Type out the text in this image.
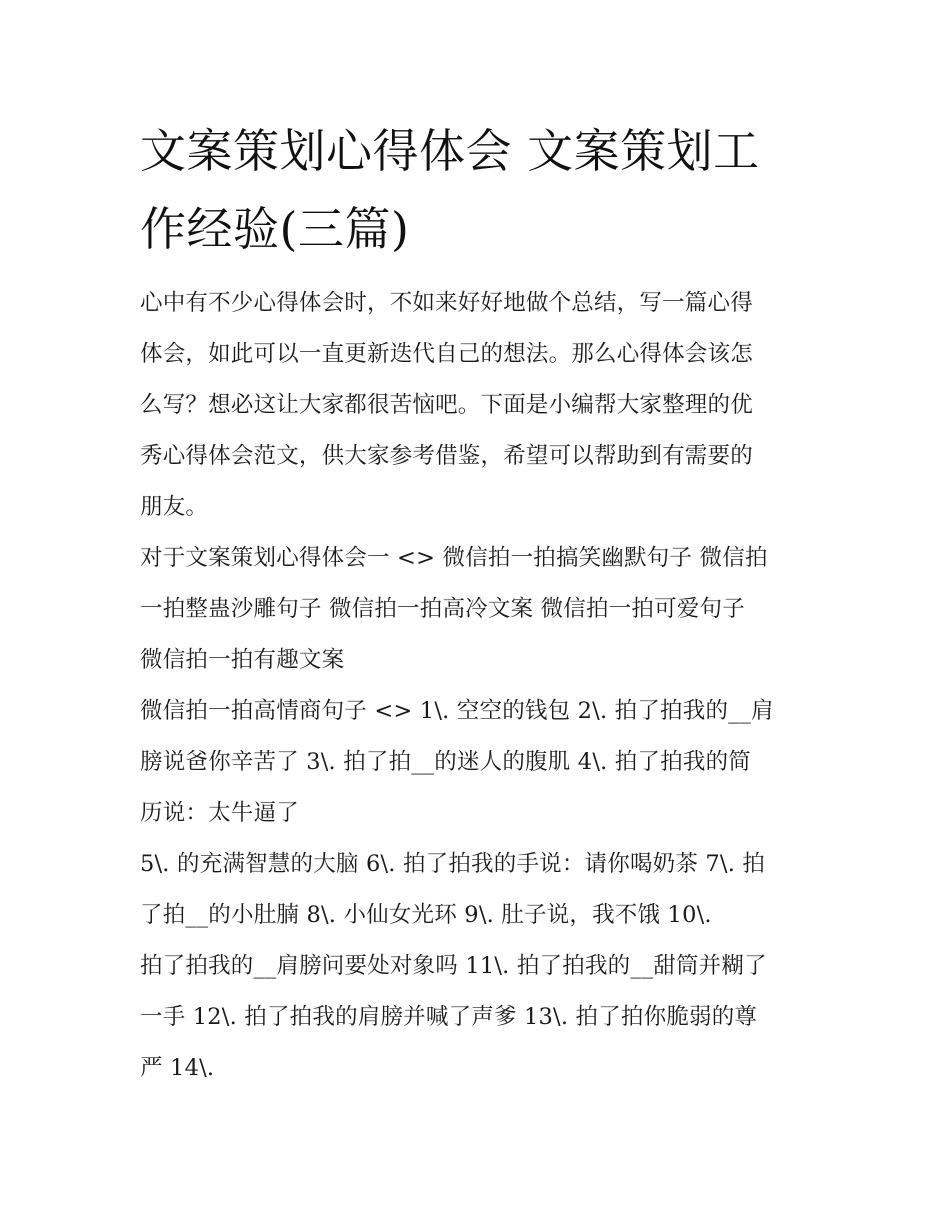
文案策划心得体会 文案策划工
作经验(三篇)

心中有不少心得体会时，不如来好好地做个总结，写一篇心得
体会，如此可以一直更新迭代自己的想法。那么心得体会该怎
么写？想必这让大家都很苦恼吧。下面是小编帮大家整理的优
秀心得体会范文，供大家参考借鉴，希望可以帮助到有需要的
朋友。

对于文案策划心得体会一 <> 微信拍一拍搞笑幽默句子 微信拍
一拍整蛊沙雕句子 微信拍一拍高冷文案 微信拍一拍可爱句子
微信拍一拍有趣文案

微信拍一拍高情商句子 <> 1\. 空空的钱包 2\. 拍了拍我的__肩
膀说爸你辛苦了 3\. 拍了拍__的迷人的腹肌 4\. 拍了拍我的简
历说：太牛逼了

5\. 的充满智慧的大脑 6\. 拍了拍我的手说：请你喝奶茶 7\. 拍
了拍__的小肚腩 8\. 小仙女光环 9\. 肚子说，我不饿 10\.

拍了拍我的__肩膀问要处对象吗 11\. 拍了拍我的__甜筒并糊了
一手 12\. 拍了拍我的肩膀并喊了声爹 13\. 拍了拍你脆弱的尊
严 14\.
